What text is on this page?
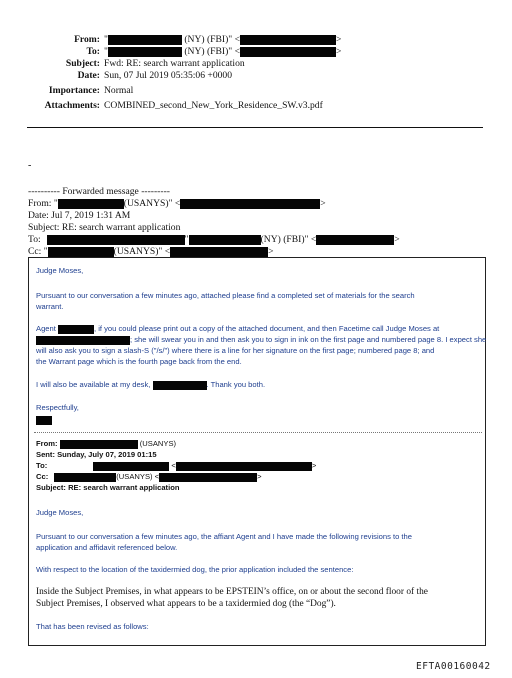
From: "	(NY) (FBI)" <	>
To: "	(NY) (FBI)" <	>
Subject: Fwd: RE: search warrant application
Date: Sun, 07 Jul 2019 05:35:06 +0000
Importance: Normal
Attachments: COMBINED_second_New_York_Residence_SW.v3.pdf
-
---------- Forwarded message ---------
From: "	(USANYS)" <	>
Date: Jul 7, 2019 1:31 AM
Subject: RE: search warrant application
To:	"	(NY) (FBI)" <	>
Cc: "	(USANYS)" <	>
Judge Moses,
Pursuant to our conversation a few minutes ago, attached please find a completed set of materials for the search
warrant.
Agent	, if you could please print out a copy of the attached document, and then Facetime call Judge Moses at
; she will swear you in and then ask you to sign in ink on the first page and numbered page 8. I expect she
will also ask you to sign a slash-S ("/s/") where there is a line for her signature on the first page; numbered page 8; and
the Warrant page which is the fourth page back from the end.
I will also be available at my desk,	. Thank you both.
Respectfully,
From:	(USANYS)
Sent: Sunday, July 07, 2019 01:15
To:	<	>
Cc:	(USANYS) <	>
Subject: RE: search warrant application
Judge Moses,
Pursuant to our conversation a few minutes ago, the affiant Agent and I have made the following revisions to the
application and affidavit referenced below.
With respect to the location of the taxidermied dog, the prior application included the sentence:
Inside the Subject Premises, in what appears to be EPSTEIN’s office, on or about the second floor of the
Subject Premises, I observed what appears to be a taxidermied dog (the “Dog”).
That has been revised as follows:
EFTA00160042
